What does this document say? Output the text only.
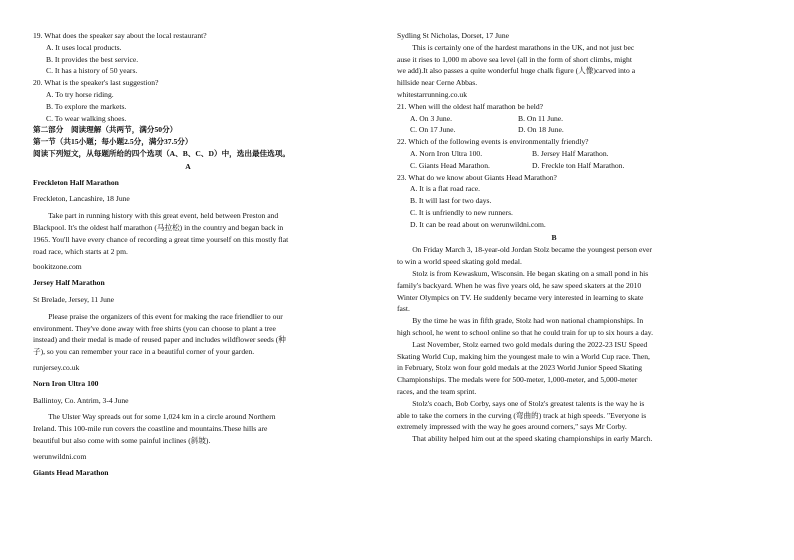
19. What does the speaker say about the local restaurant?

A. It uses local products.

B. It provides the best service.

C. It has a history of 50 years.

20. What is the speaker's last suggestion?

A. To try horse riding.

B. To explore the markets.

C. To wear walking shoes.

第二部分　阅读理解（共两节，满分50分）

第一节（共15小题；每小题2.5分，满分37.5分）

阅读下列短文，从每题所给的四个选项（A、B、C、D）中，选出最佳选项。

A

Freckleton Half Marathon

Freckleton, Lancashire, 18 June

Take part in running history with this great event, held between Preston and

Blackpool. It's the oldest half marathon (马拉松) in the country and began back in

1965. You'll have every chance of recording a great time yourself on this mostly flat

road race, which starts at 2 pm.

bookitzone.com

Jersey Half Marathon

St Brelade, Jersey, 11 June

Please praise the organizers of this event for making the race friendlier to our

environment. They've done away with free shirts (you can choose to plant a tree

instead) and their medal is made of reused paper and includes wildflower seeds (种

子), so you can remember your race in a beautiful corner of your garden.

runjersey.co.uk

Norn Iron Ultra 100

Ballintoy, Co. Antrim, 3-4 June

The Ulster Way spreads out for some 1,024 km in a circle around Northern

Ireland. This 100-mile run covers the coastline and mountains.These hills are

beautiful but also come with some painful inclines (斜坡).

werunwildni.com

Giants Head Marathon

Sydling St Nicholas, Dorset, 17 June

This is certainly one of the hardest marathons in the UK, and not just bec

ause it rises to 1,000 m above sea level (all in the form of short climbs, might

we add).It also passes a quite wonderful huge chalk figure (人像)carved into a

hillside near Cerne Abbas.

whitestarrunning.co.uk

21. When will the oldest half marathon be held?

A. On 3 June.	B. On 11 June.
C. On 17 June.	D. On 18 June.

22. Which of the following events is environmentally friendly?

A. Norn Iron Ultra 100.	B. Jersey Half Marathon.
C. Giants Head Marathon.	D. Freckle ton Half Marathon.

23. What do we know about Giants Head Marathon?

A. It is a flat road race.

B. It will last for two days.

C. It is unfriendly to new runners.

D. It can be read about on werunwildni.com.

B

On Friday March 3, 18-year-old Jordan Stolz became the youngest person ever

to win a world speed skating gold medal.

Stolz is from Kewaskum, Wisconsin. He began skating on a small pond in his

family's backyard. When he was five years old, he saw speed skaters at the 2010

Winter Olympics on TV. He suddenly became very interested in learning to skate

fast.

By the time he was in fifth grade, Stolz had won national championships. In

high school, he went to school online so that he could train for up to six hours a day.

Last November, Stolz earned two gold medals during the 2022-23 ISU Speed

Skating World Cup, making him the youngest male to win a World Cup race. Then,

in February, Stolz won four gold medals at the 2023 World Junior Speed Skating

Championships. The medals were for 500-meter, 1,000-meter, and 5,000-meter

races, and the team sprint.

Stolz's coach, Bob Corby, says one of Stolz's greatest talents is the way he is

able to take the corners in the curving (弯曲的) track at high speeds. "Everyone is

extremely impressed with the way he goes around corners," says Mr Corby.

That ability helped him out at the speed skating championships in early March.
